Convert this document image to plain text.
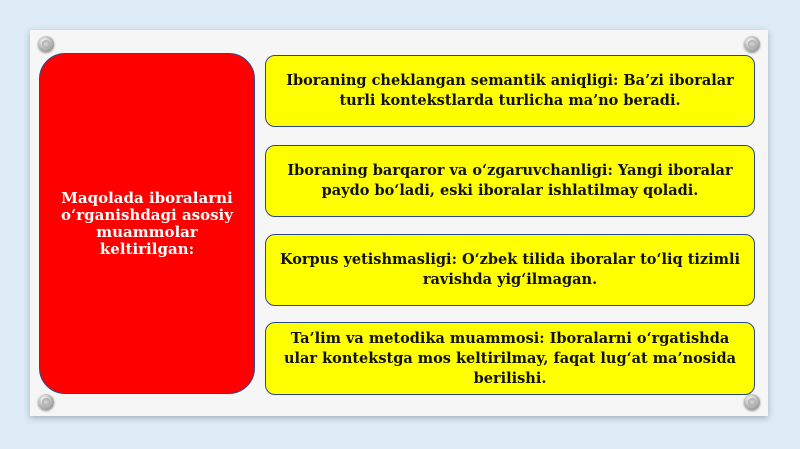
Maqolada iboralarni o‘rganishdagi asosiy muammolar keltirilgan:
Iboraning cheklangan semantik aniqligi: Ba’zi iboralar turli kontekstlarda turlicha ma’no beradi.
Iboraning barqaror va o‘zgaruvchanligi: Yangi iboralar paydo bo‘ladi, eski iboralar ishlatilmay qoladi.
Korpus yetishmasligi: O‘zbek tilida iboralar to‘liq tizimli ravishda yig‘ilmagan.
Ta’lim va metodika muammosi: Iboralarni o‘rgatishda ular kontekstga mos keltirilmay, faqat lug‘at ma’nosida berilishi.
